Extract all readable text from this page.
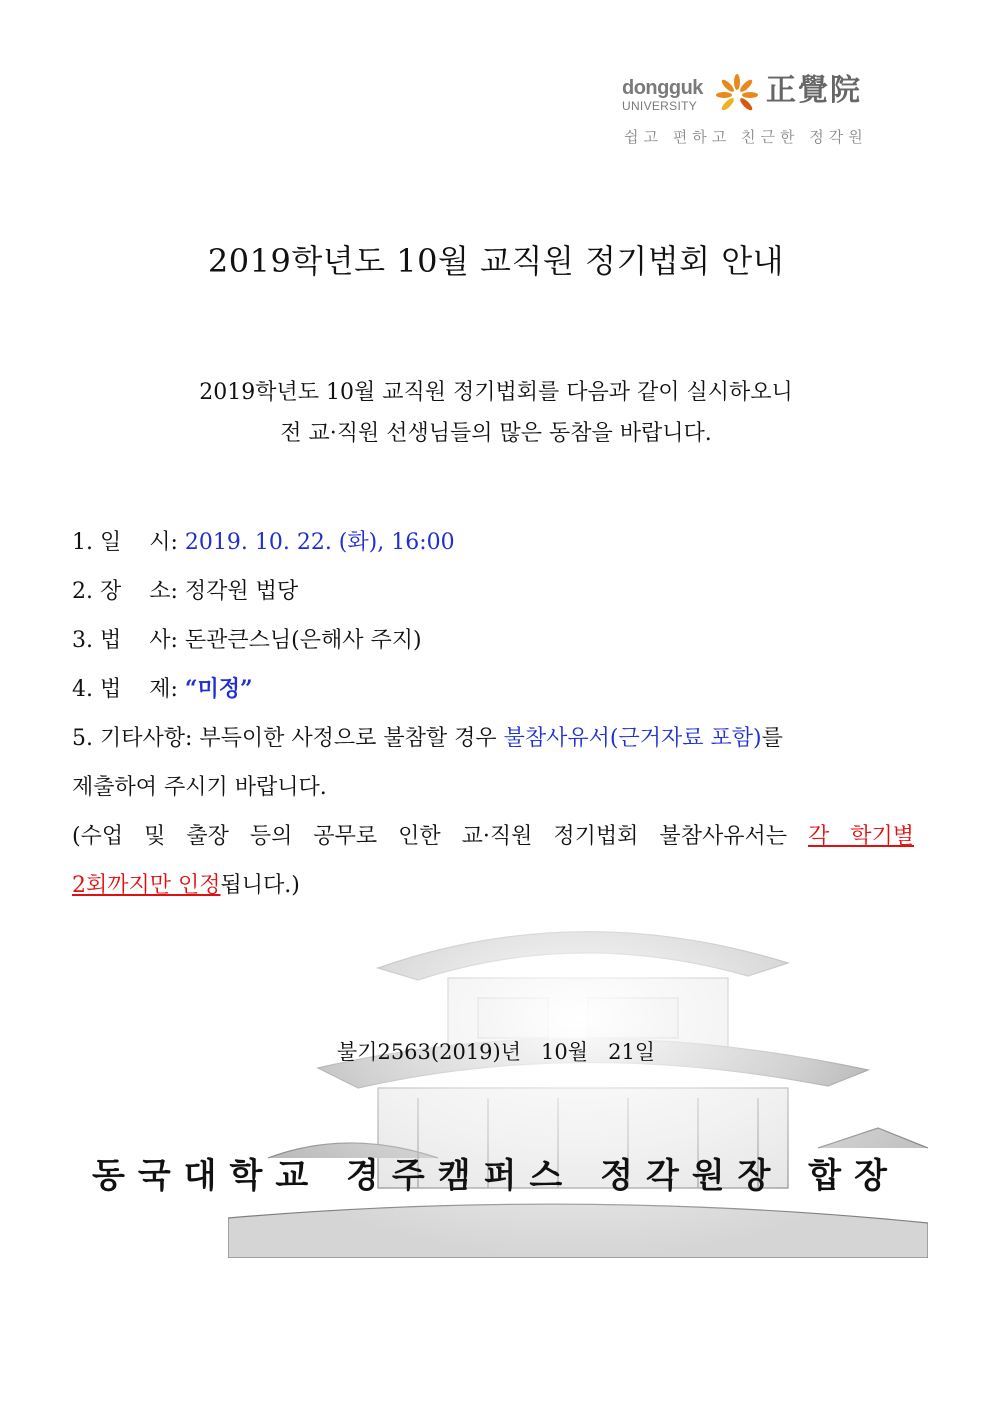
dongguk
UNIVERSITY 正覺院
쉽고 편하고 친근한 정각원
2019학년도 10월 교직원 정기법회 안내
2019학년도 10월 교직원 정기법회를 다음과 같이 실시하오니
전 교·직원 선생님들의 많은 동참을 바랍니다.
1. 일    시: 2019. 10. 22. (화), 16:00
2. 장    소: 정각원 법당
3. 법    사: 돈관큰스님(은해사 주지)
4. 법    제: “미정”
5. 기타사항: 부득이한 사정으로 불참할 경우 불참사유서(근거자료 포함)를
제출하여 주시기 바랍니다.
(수업 및 출장 등의 공무로 인한 교·직원 정기법회 불참사유서는 각 학기별
2회까지만 인정됩니다.)
불기2563(2019)년   10월   21일
동국대학교 경주캠퍼스 정각원장 합장
